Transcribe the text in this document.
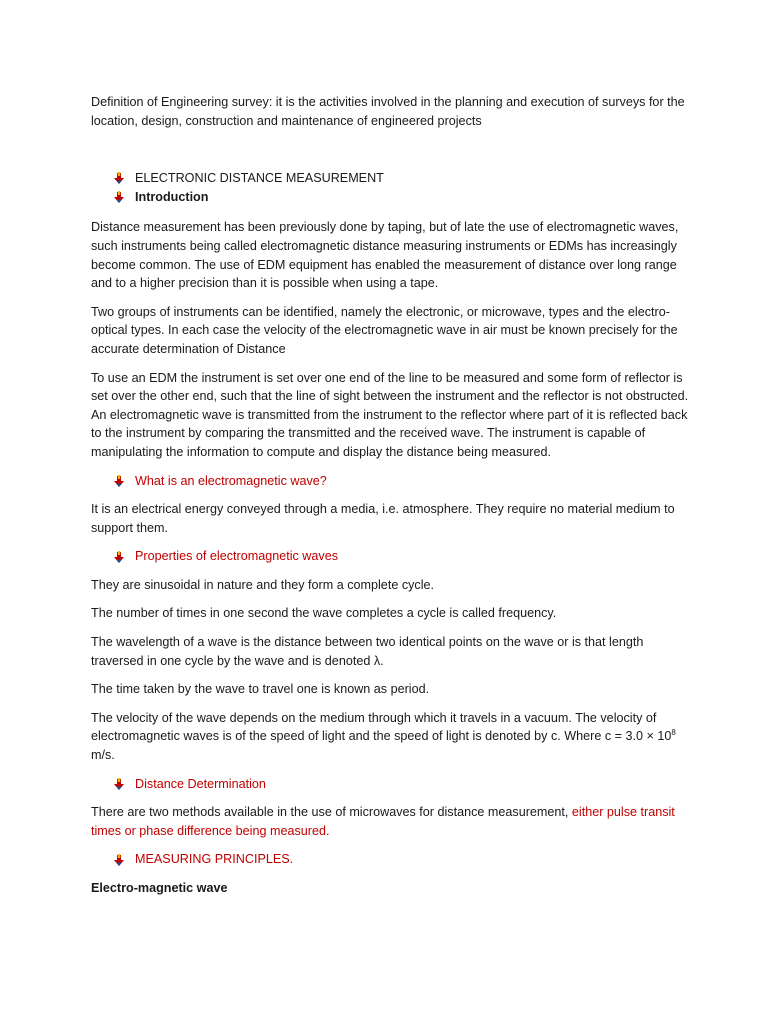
Definition of Engineering survey: it is the activities involved in the planning and execution of surveys for the location, design, construction and maintenance of engineered projects

ELECTRONIC DISTANCE MEASUREMENT
Introduction

Distance measurement has been previously done by taping, but of late the use of electromagnetic waves, such instruments being called electromagnetic distance measuring instruments or EDMs has increasingly become common. The use of EDM equipment has enabled the measurement of distance over long range and to a higher precision than it is possible when using a tape.

Two groups of instruments can be identified, namely the electronic, or microwave, types and the electro-optical types. In each case the velocity of the electromagnetic wave in air must be known precisely for the accurate determination of Distance

To use an EDM the instrument is set over one end of the line to be measured and some form of reflector is set over the other end, such that the line of sight between the instrument and the reflector is not obstructed. An electromagnetic wave is transmitted from the instrument to the reflector where part of it is reflected back to the instrument by comparing the transmitted and the received wave. The instrument is capable of manipulating the information to compute and display the distance being measured.

What is an electromagnetic wave?

It is an electrical energy conveyed through a media, i.e. atmosphere. They require no material medium to support them.

Properties of electromagnetic waves

They are sinusoidal in nature and they form a complete cycle.

The number of times in one second the wave completes a cycle is called frequency.

The wavelength of a wave is the distance between two identical points on the wave or is that length traversed in one cycle by the wave and is denoted λ.

The time taken by the wave to travel one is known as period.

The velocity of the wave depends on the medium through which it travels in a vacuum. The velocity of electromagnetic waves is of the speed of light and the speed of light is denoted by c. Where $c = 3.0 \times 10^8$ m/s.

Distance Determination

There are two methods available in the use of microwaves for distance measurement, either pulse transit times or phase difference being measured.

MEASURING PRINCIPLES.

Electro-magnetic wave
